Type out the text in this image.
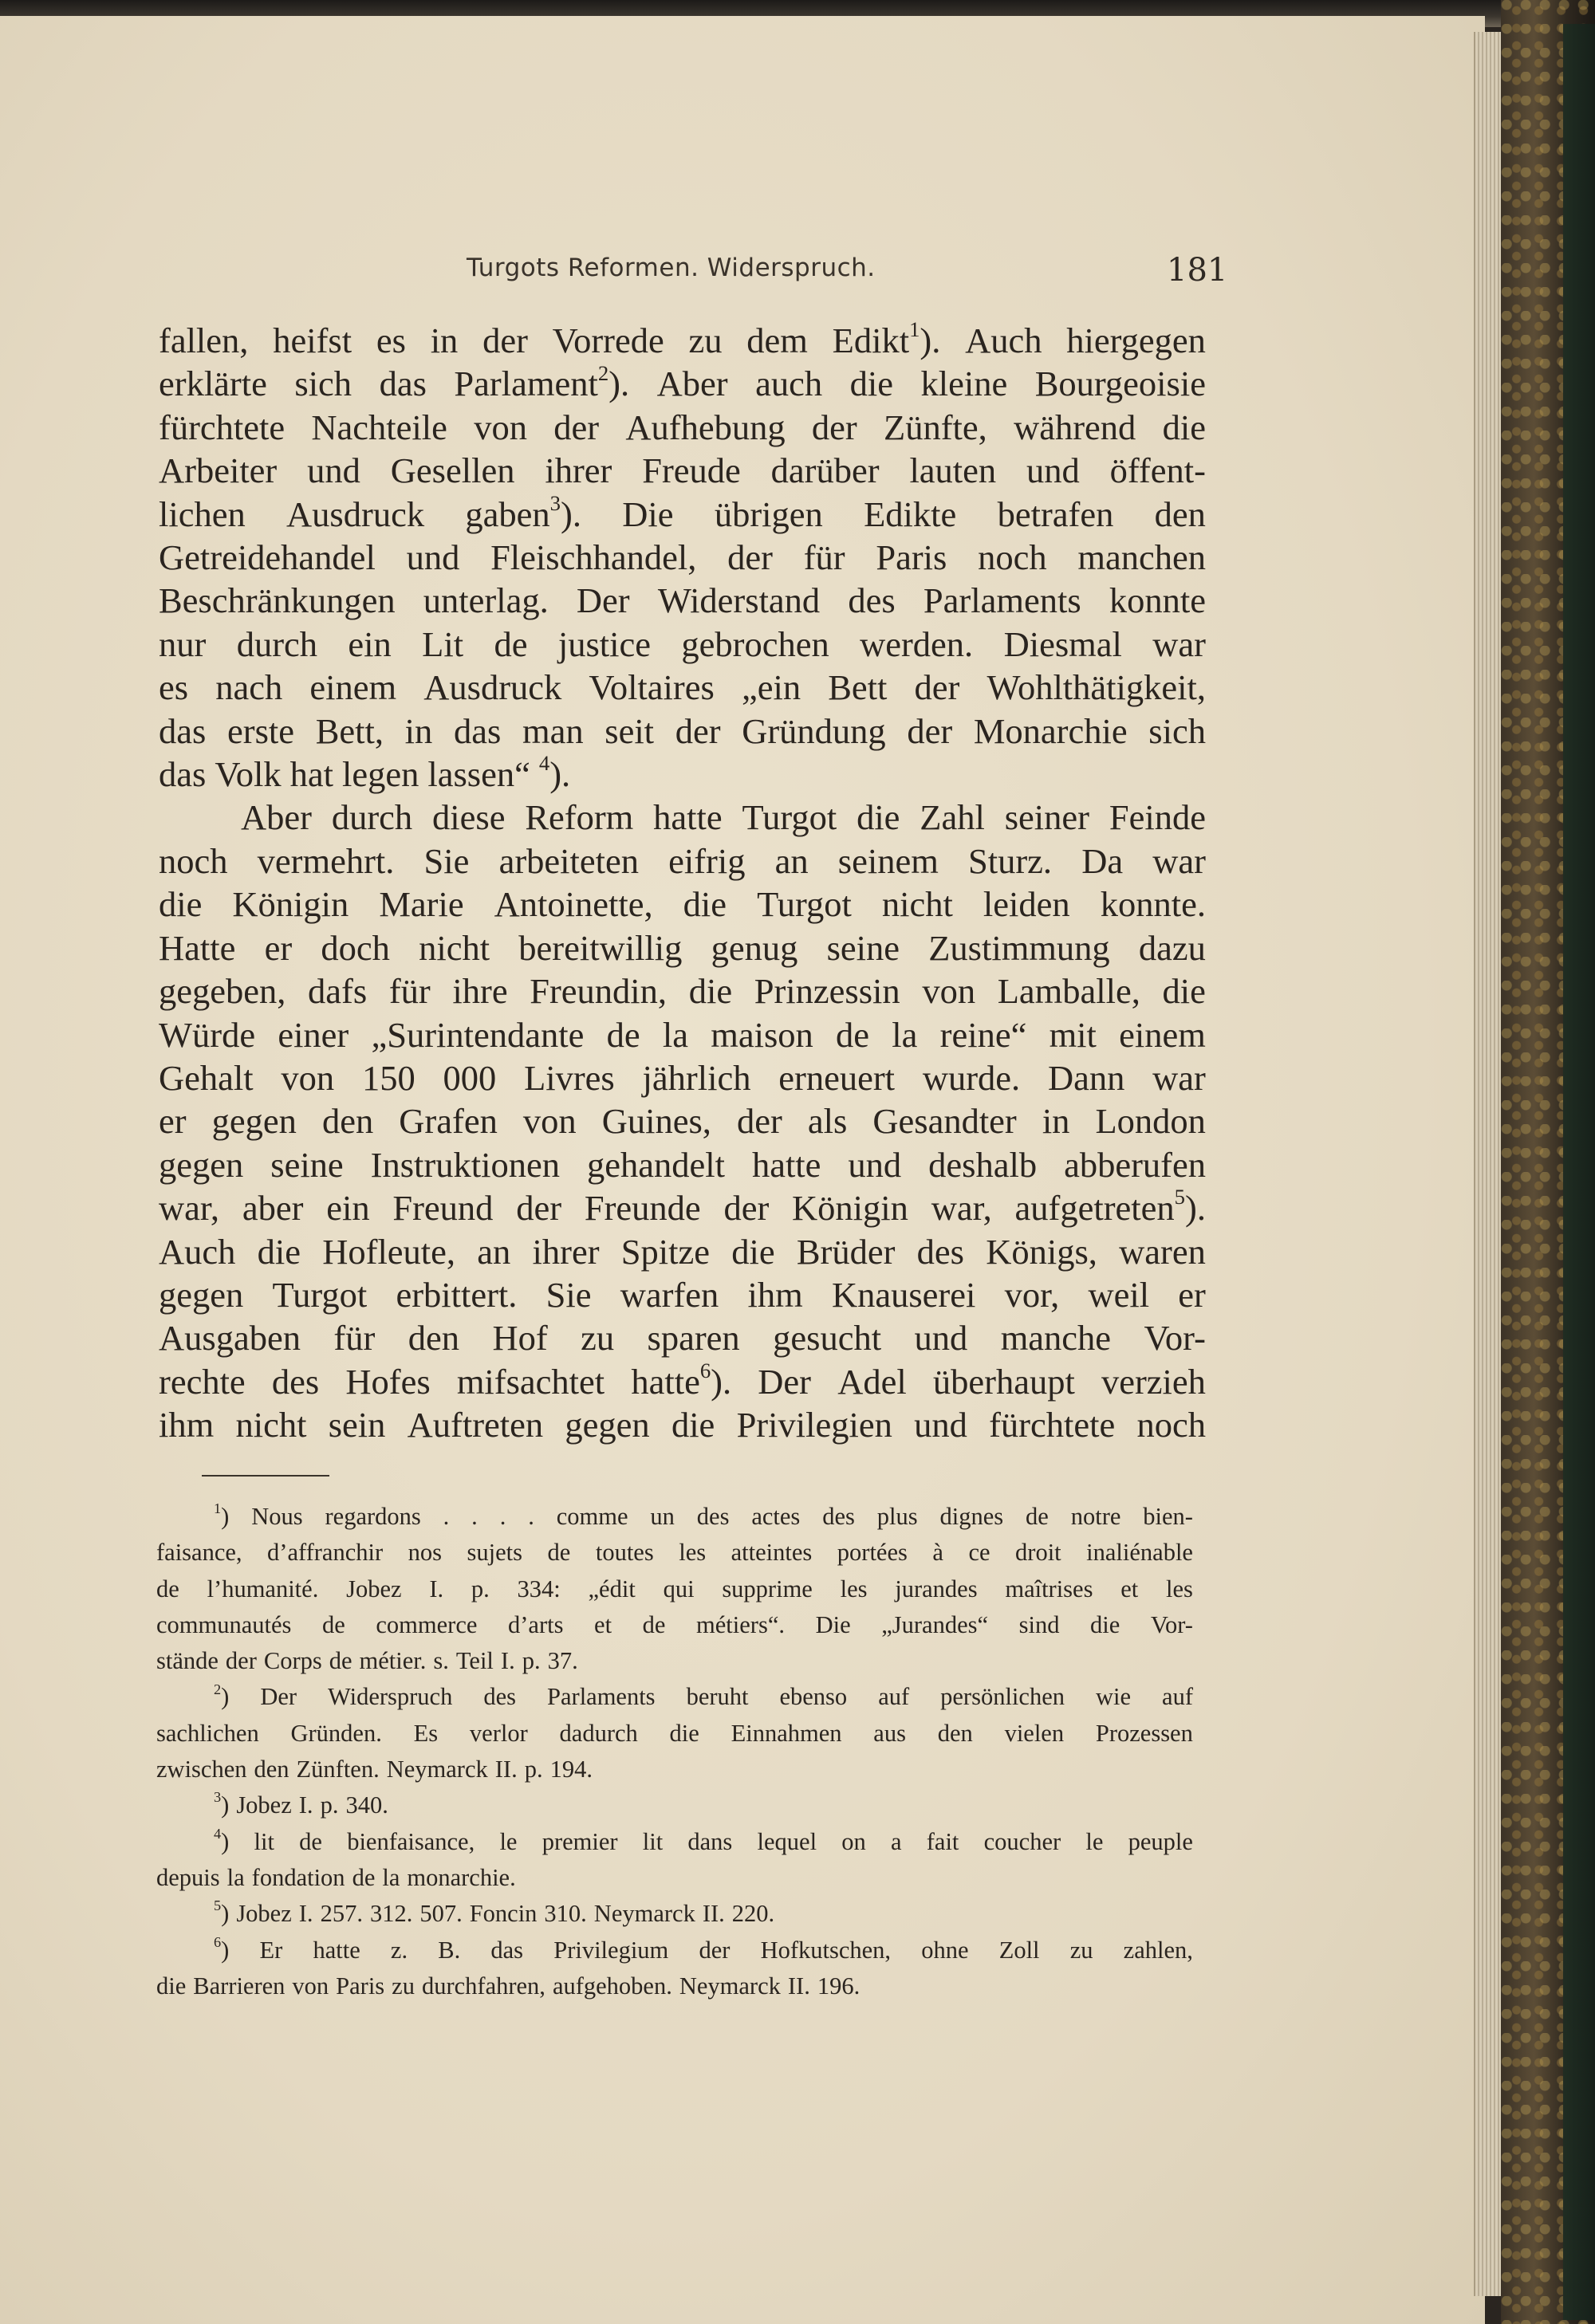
Turgots Reformen. Widerspruch.	181
fallen, heifst es in der Vorrede zu dem Edikt$^1$). Auch hiergegen
erklärte sich das Parlament$^2$). Aber auch die kleine Bourgeoisie
fürchtete Nachteile von der Aufhebung der Zünfte, während die
Arbeiter und Gesellen ihrer Freude darüber lauten und öffent-
lichen Ausdruck gaben$^3$). Die übrigen Edikte betrafen den
Getreidehandel und Fleischhandel, der für Paris noch manchen
Beschränkungen unterlag. Der Widerstand des Parlaments konnte
nur durch ein Lit de justice gebrochen werden. Diesmal war
es nach einem Ausdruck Voltaires „ein Bett der Wohlthätigkeit,
das erste Bett, in das man seit der Gründung der Monarchie sich
das Volk hat legen lassen“ $^4$).
Aber durch diese Reform hatte Turgot die Zahl seiner Feinde
noch vermehrt. Sie arbeiteten eifrig an seinem Sturz. Da war
die Königin Marie Antoinette, die Turgot nicht leiden konnte.
Hatte er doch nicht bereitwillig genug seine Zustimmung dazu
gegeben, dafs für ihre Freundin, die Prinzessin von Lamballe, die
Würde einer „Surintendante de la maison de la reine“ mit einem
Gehalt von 150 000 Livres jährlich erneuert wurde. Dann war
er gegen den Grafen von Guines, der als Gesandter in London
gegen seine Instruktionen gehandelt hatte und deshalb abberufen
war, aber ein Freund der Freunde der Königin war, aufgetreten$^5$).
Auch die Hofleute, an ihrer Spitze die Brüder des Königs, waren
gegen Turgot erbittert. Sie warfen ihm Knauserei vor, weil er
Ausgaben für den Hof zu sparen gesucht und manche Vor-
rechte des Hofes mifsachtet hatte$^6$). Der Adel überhaupt verzieh
ihm nicht sein Auftreten gegen die Privilegien und fürchtete noch
$^1$) Nous regardons . . . . comme un des actes des plus dignes de notre bien-
faisance, d’affranchir nos sujets de toutes les atteintes portées à ce droit inaliénable
de l’humanité. Jobez I. p. 334: „édit qui supprime les jurandes maîtrises et les
communautés de commerce d’arts et de métiers“. Die „Jurandes“ sind die Vor-
stände der Corps de métier. s. Teil I. p. 37.
$^2$) Der Widerspruch des Parlaments beruht ebenso auf persönlichen wie auf
sachlichen Gründen. Es verlor dadurch die Einnahmen aus den vielen Prozessen
zwischen den Zünften. Neymarck II. p. 194.
$^3$) Jobez I. p. 340.
$^4$) lit de bienfaisance, le premier lit dans lequel on a fait coucher le peuple
depuis la fondation de la monarchie.
$^5$) Jobez I. 257. 312. 507. Foncin 310. Neymarck II. 220.
$^6$) Er hatte z. B. das Privilegium der Hofkutschen, ohne Zoll zu zahlen,
die Barrieren von Paris zu durchfahren, aufgehoben. Neymarck II. 196.
